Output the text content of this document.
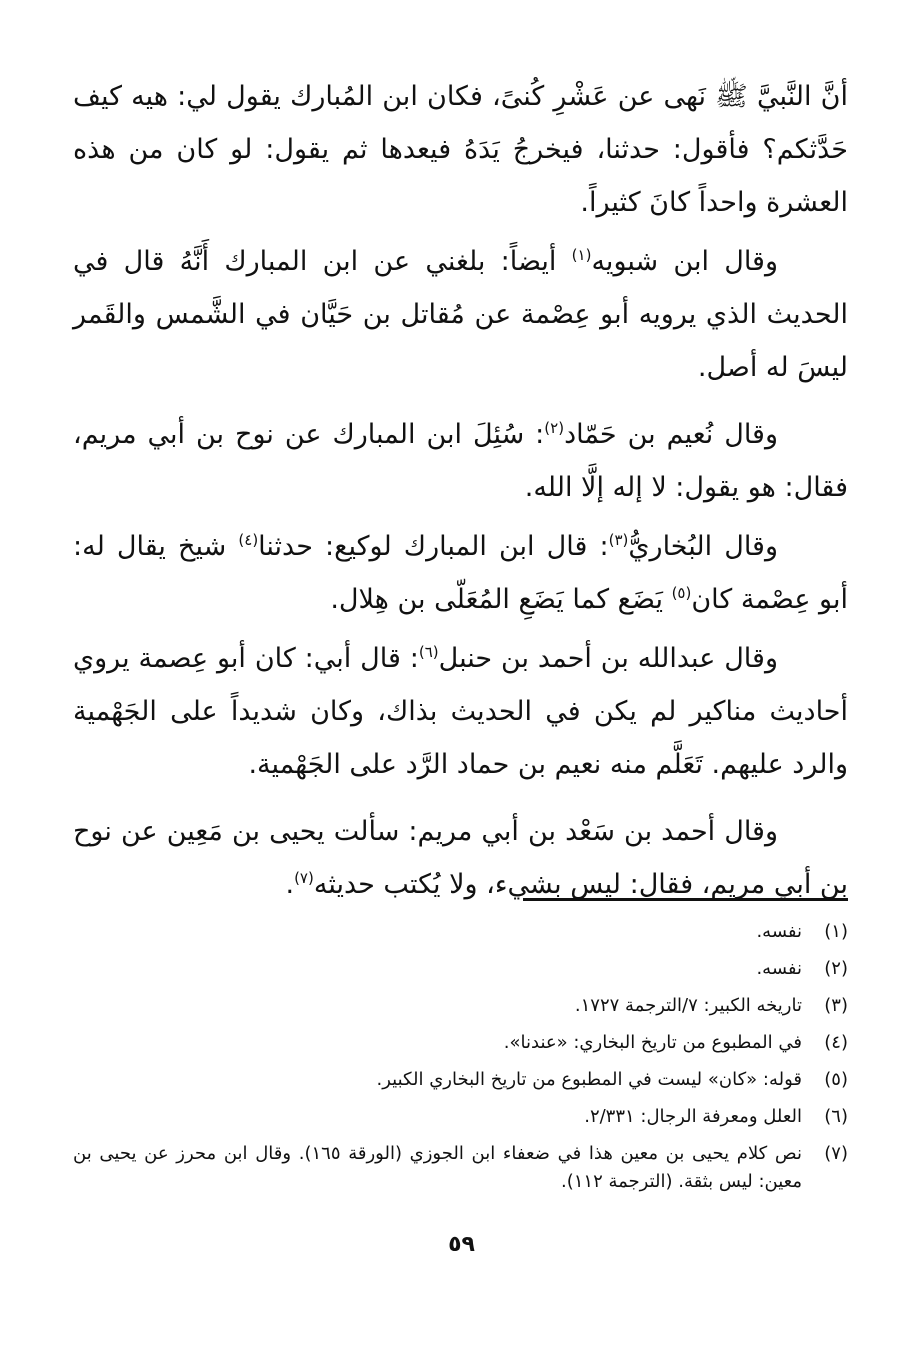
أنَّ النَّبيَّ ﷺ نَهى عن عَشْرِ كُنىً، فكان ابن المُبارك يقول لي: هيه كيف حَدَّثكم؟ فأقول: حدثنا، فيخرجُ يَدَهُ فيعدها ثم يقول: لو كان من هذه العشرة واحداً كانَ كثيراً.

وقال ابن شبويه$^{(١)}$ أيضاً: بلغني عن ابن المبارك أَنَّهُ قال في الحديث الذي يرويه أبو عِصْمة عن مُقاتل بن حَيَّان في الشَّمس والقَمر ليسَ له أصل.

وقال نُعيم بن حَمّاد$^{(٢)}$: سُئِلَ ابن المبارك عن نوح بن أبي مريم، فقال: هو يقول: لا إله إلَّا الله.

وقال البُخاريُّ$^{(٣)}$: قال ابن المبارك لوكيع: حدثنا$^{(٤)}$ شيخ يقال له: أبو عِصْمة كان$^{(٥)}$ يَضَع كما يَضَعِ المُعَلّى بن هِلال.

وقال عبدالله بن أحمد بن حنبل$^{(٦)}$: قال أبي: كان أبو عِصمة يروي أحاديث مناكير لم يكن في الحديث بذاك، وكان شديداً على الجَهْمية والرد عليهم. تَعَلَّم منه نعيم بن حماد الرَّد على الجَهْمية.

وقال أحمد بن سَعْد بن أبي مريم: سألت يحيى بن مَعِين عن نوح بن أبي مريم، فقال: ليس بشيء، ولا يُكتب حديثه$^{(٧)}$.

(١)
نفسه.
(٢)
نفسه.
(٣)
تاريخه الكبير: ٧/الترجمة ١٧٢٧.
(٤)
في المطبوع من تاريخ البخاري: «عندنا».
(٥)
قوله: «كان» ليست في المطبوع من تاريخ البخاري الكبير.
(٦)
العلل ومعرفة الرجال: ٢/٣٣١.
(٧)
نص كلام يحيى بن معين هذا في ضعفاء ابن الجوزي (الورقة ١٦٥). وقال ابن محرز عن يحيى بن معين: ليس بثقة. (الترجمة ١١٢).
٥٩
